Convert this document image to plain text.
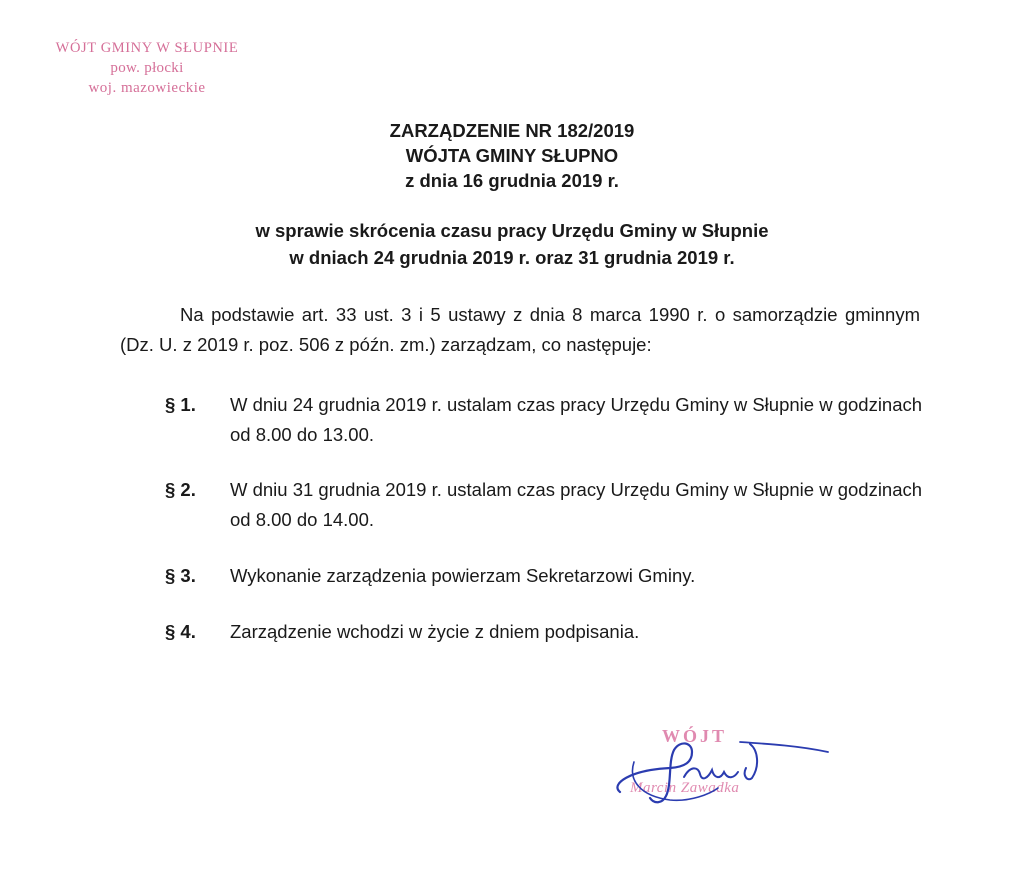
WÓJT GMINY W SŁUPNIE
pow. płocki
woj. mazowieckie
ZARZĄDZENIE NR 182/2019
WÓJTA GMINY SŁUPNO
z dnia 16 grudnia 2019 r.
w sprawie skrócenia czasu pracy Urzędu Gminy w Słupnie
w dniach 24 grudnia 2019 r. oraz 31 grudnia 2019 r.
Na podstawie art. 33 ust. 3 i 5 ustawy z dnia 8 marca 1990 r. o samorządzie gminnym (Dz. U. z 2019 r. poz. 506 z późn. zm.) zarządzam, co następuje:
§ 1.	W dniu 24 grudnia 2019 r. ustalam czas pracy Urzędu Gminy w Słupnie w godzinach od 8.00 do 13.00.
§ 2.	W dniu 31 grudnia 2019 r. ustalam czas pracy Urzędu Gminy w Słupnie w godzinach od 8.00 do 14.00.
§ 3.	Wykonanie zarządzenia powierzam Sekretarzowi Gminy.
§ 4.	Zarządzenie wchodzi w życie z dniem podpisania.
WÓJT
Marcin Zawadka
